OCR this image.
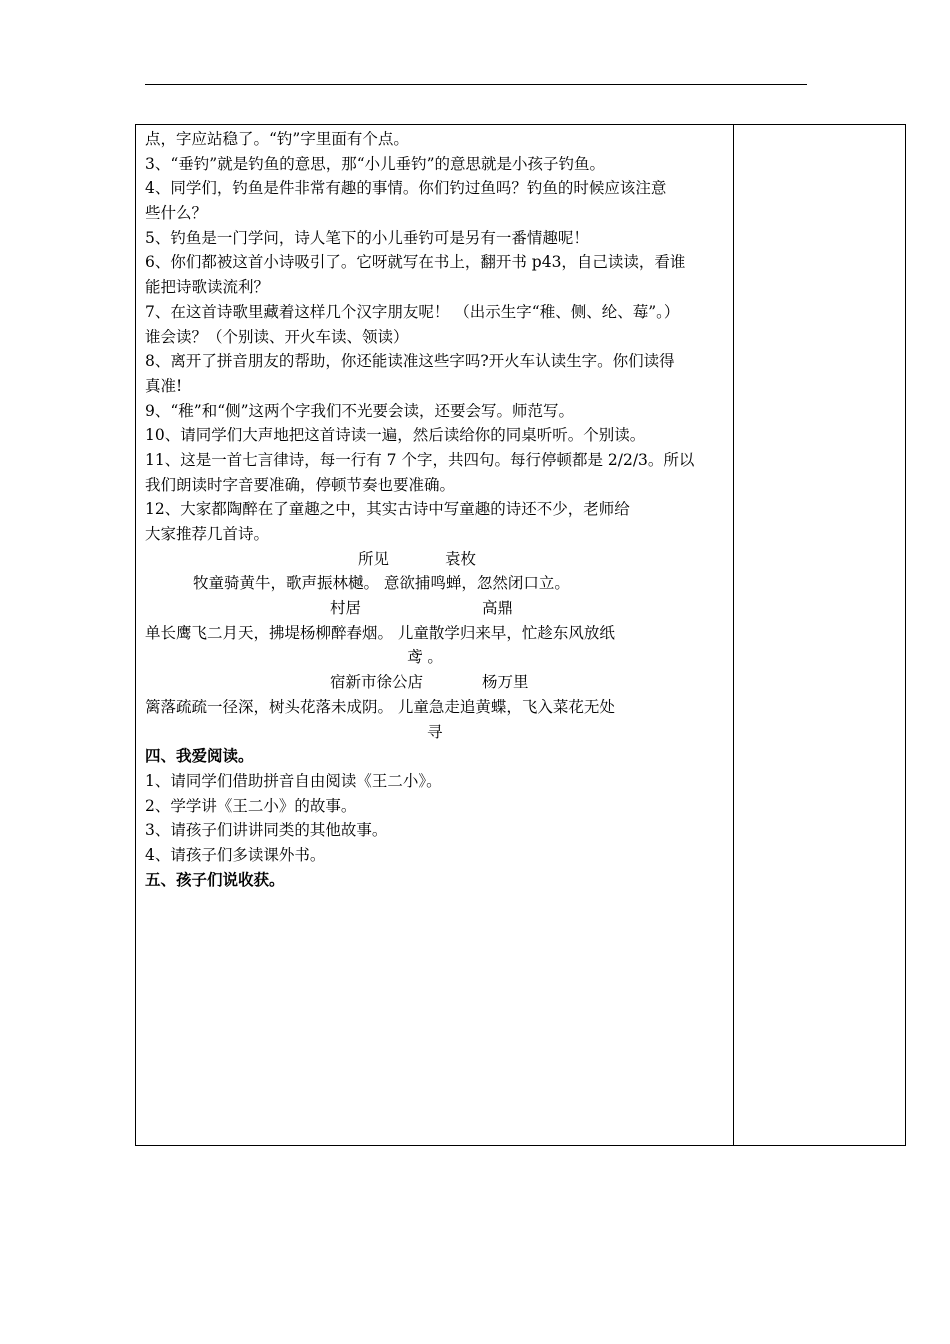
点，字应站稳了。“钓”字里面有个点。
3、“垂钓”就是钓鱼的意思，那“小儿垂钓”的意思就是小孩子钓鱼。
4、同学们，钓鱼是件非常有趣的事情。你们钓过鱼吗？钓鱼的时候应该注意
些什么？
5、钓鱼是一门学问，诗人笔下的小儿垂钓可是另有一番情趣呢！
6、你们都被这首小诗吸引了。它呀就写在书上，翻开书 p43，自己读读，看谁
能把诗歌读流利？
7、在这首诗歌里藏着这样几个汉字朋友呢！ （出示生字“稚、侧、纶、莓”。）
谁会读？（个别读、开火车读、领读）
8、离开了拼音朋友的帮助，你还能读准这些字吗?开火车认读生字。你们读得
真准!
9、“稚”和“侧”这两个字我们不光要会读，还要会写。师范写。
10、请同学们大声地把这首诗读一遍，然后读给你的同桌听听。个别读。
11、这是一首七言律诗，每一行有 7 个字，共四句。每行停顿都是 2/2/3。所以
我们朗读时字音要准确，停顿节奏也要准确。
12、大家都陶醉在了童趣之中，其实古诗中写童趣的诗还不少，老师给
大家推荐几首诗。
所见	袁枚
牧童骑黄牛，歌声振林樾。 意欲捕鸣蝉，忽然闭口立。
村居	高鼎
单长鹰飞二月天，拂堤杨柳醉春烟。 儿童散学归来早，忙趁东风放纸
鸢 。
宿新市徐公店	杨万里
篱落疏疏一径深，树头花落未成阴。 儿童急走追黄蝶，飞入菜花无处
寻
四、我爱阅读。
1、请同学们借助拼音自由阅读《王二小》。
2、学学讲《王二小》的故事。
3、请孩子们讲讲同类的其他故事。
4、请孩子们多读课外书。
五、孩子们说收获。
